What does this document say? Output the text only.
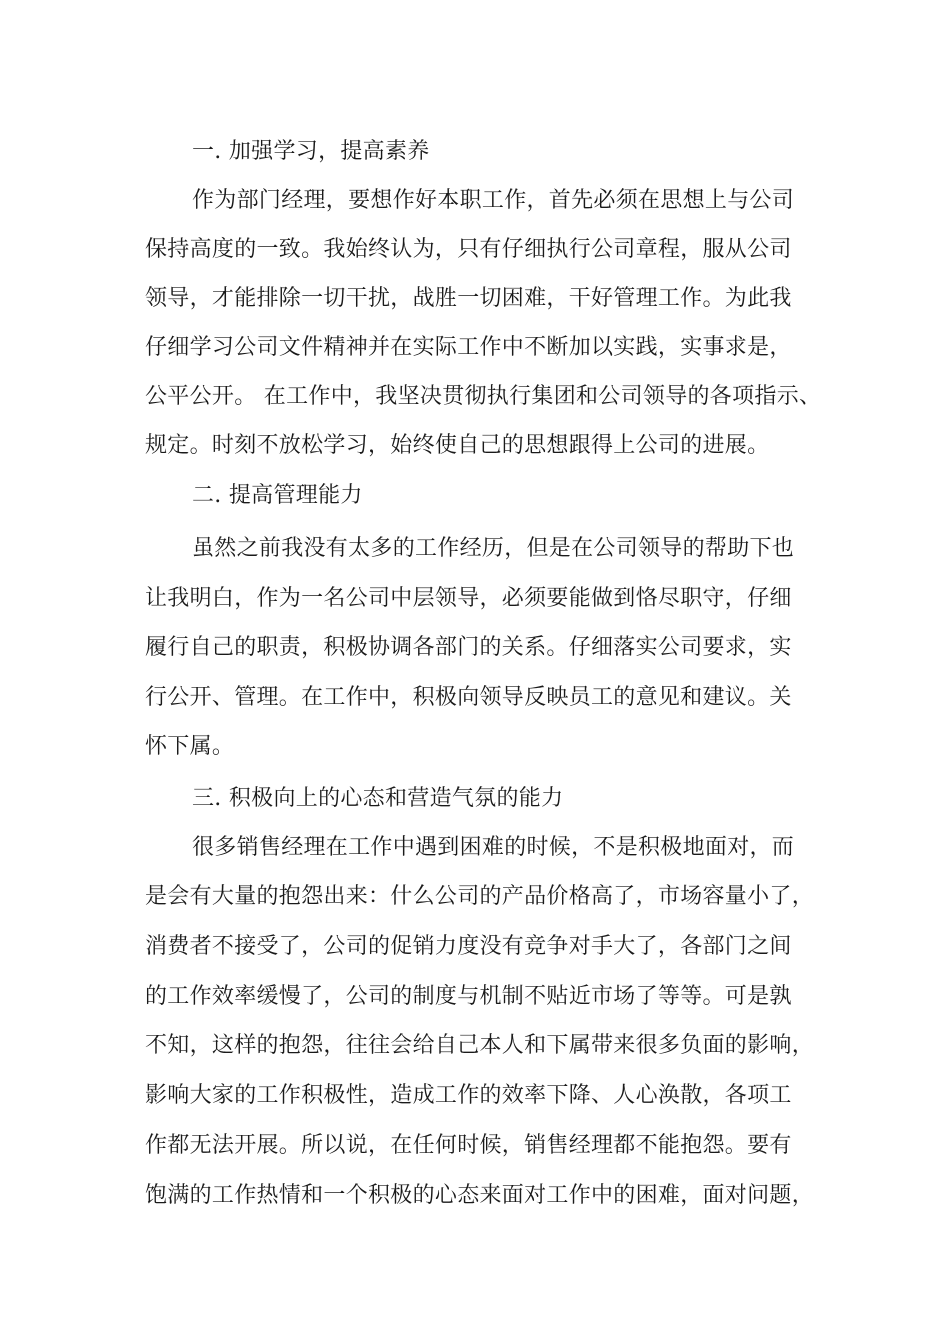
一. 加强学习，提高素养

作为部门经理，要想作好本职工作，首先必须在思想上与公司

保持高度的一致。我始终认为，只有仔细执行公司章程，服从公司

领导，才能排除一切干扰，战胜一切困难，干好管理工作。为此我

仔细学习公司文件精神并在实际工作中不断加以实践，实事求是，

公平公开。 在工作中，我坚决贯彻执行集团和公司领导的各项指示、

规定。时刻不放松学习，始终使自己的思想跟得上公司的进展。

二. 提高管理能力

虽然之前我没有太多的工作经历，但是在公司领导的帮助下也

让我明白，作为一名公司中层领导，必须要能做到恪尽职守，仔细

履行自己的职责，积极协调各部门的关系。仔细落实公司要求，实

行公开、管理。在工作中，积极向领导反映员工的意见和建议。关

怀下属。

三. 积极向上的心态和营造气氛的能力

很多销售经理在工作中遇到困难的时候，不是积极地面对，而

是会有大量的抱怨出来：什么公司的产品价格高了，市场容量小了，

消费者不接受了，公司的促销力度没有竞争对手大了，各部门之间

的工作效率缓慢了，公司的制度与机制不贴近市场了等等。可是孰

不知，这样的抱怨，往往会给自己本人和下属带来很多负面的影响，

影响大家的工作积极性，造成工作的效率下降、人心涣散，各项工

作都无法开展。所以说，在任何时候，销售经理都不能抱怨。要有

饱满的工作热情和一个积极的心态来面对工作中的困难，面对问题，
